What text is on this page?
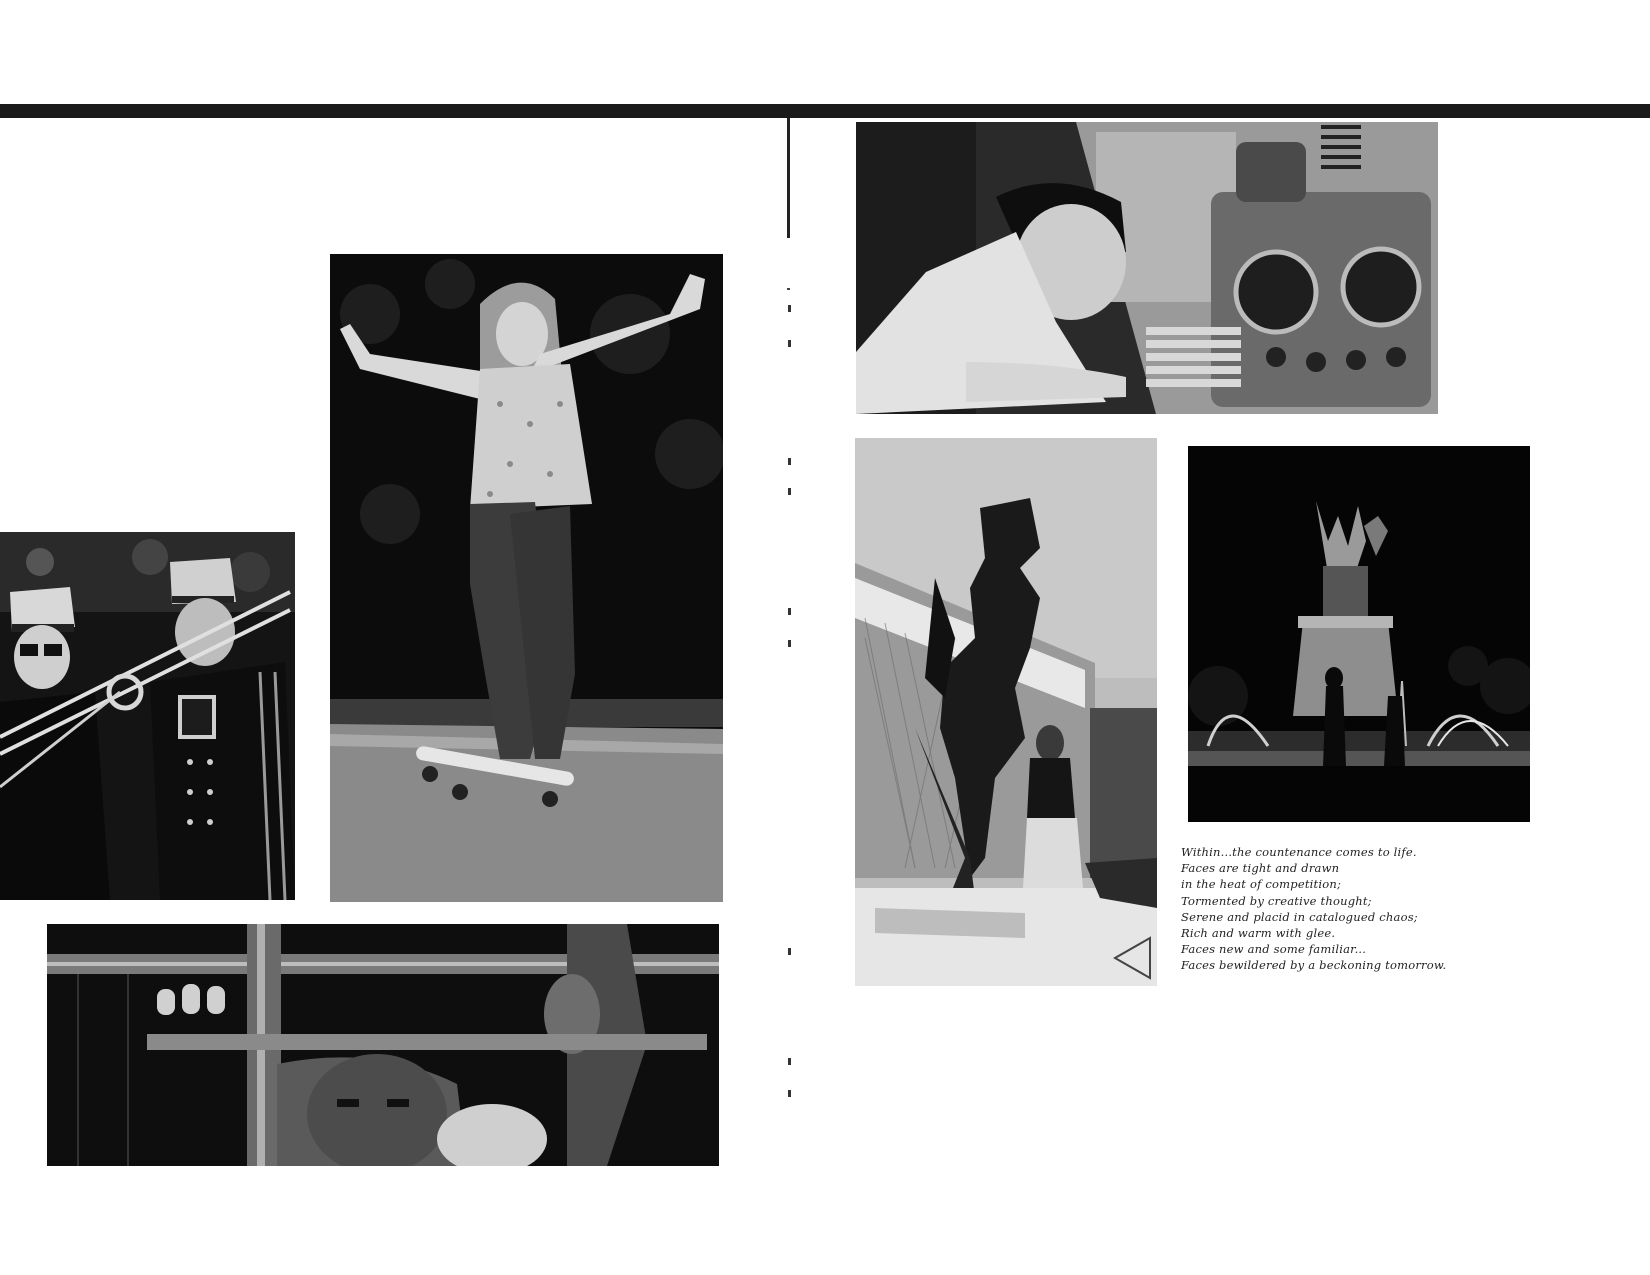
Within...the countenance comes to life.
Faces are tight and drawn
in the heat of competition;
Tormented by creative thought;
Serene and placid in catalogued chaos;
Rich and warm with glee.
Faces new and some familiar...
Faces bewildered by a beckoning tomorrow.
